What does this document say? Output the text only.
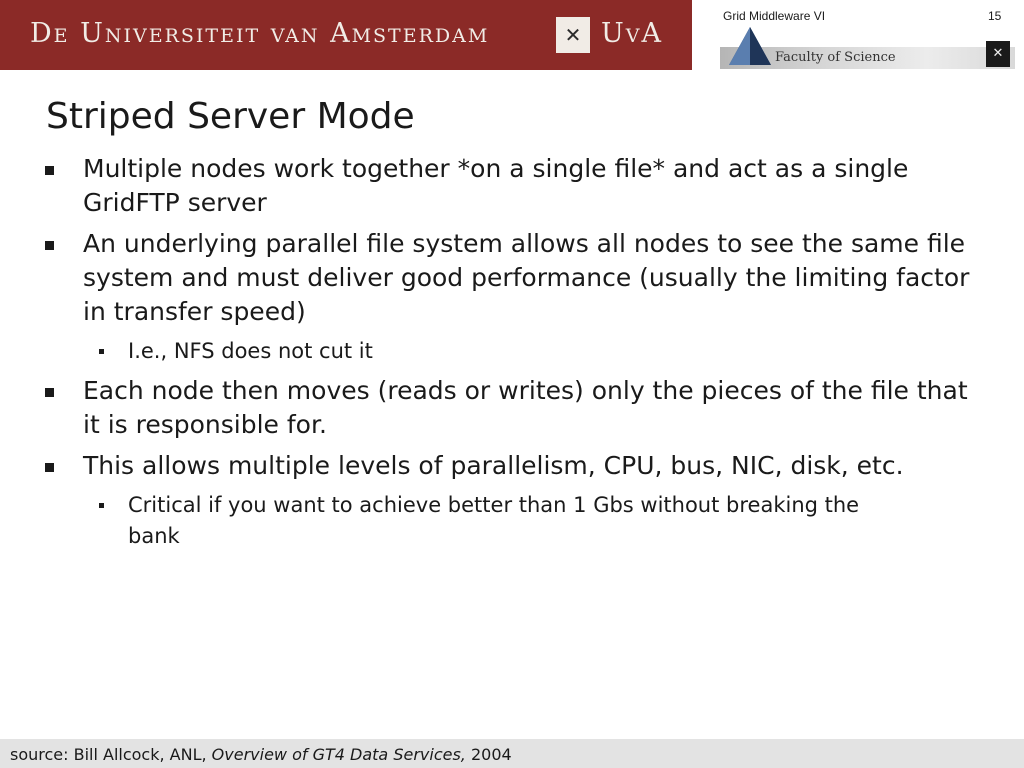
De Universiteit van Amsterdam	✕ UvA
Grid Middleware VI	15
Faculty of Science	✕
Striped Server Mode
Multiple nodes work together *on a single file* and act as a single GridFTP server
An underlying parallel file system allows all nodes to see the same file system and must deliver good performance (usually the limiting factor in transfer speed)
I.e., NFS does not cut it
Each node then moves (reads or writes) only the pieces of the file that it is responsible for.
This allows multiple levels of parallelism, CPU, bus, NIC, disk, etc.
Critical if you want to achieve better than 1 Gbs without breaking the bank
source: Bill Allcock, ANL, Overview of GT4 Data Services, 2004
